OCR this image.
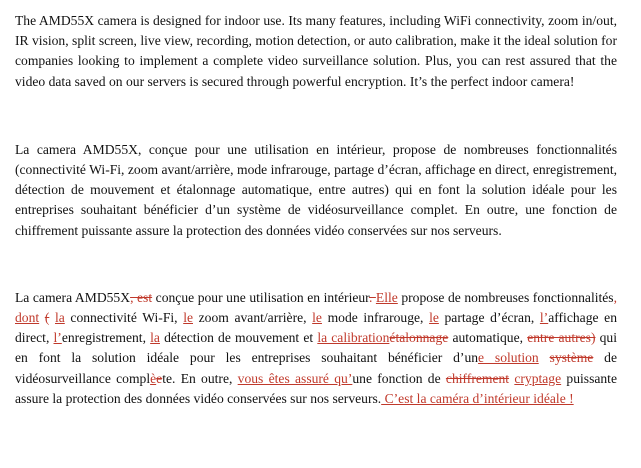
The AMD55X camera is designed for indoor use. Its many features, including WiFi connectivity, zoom in/out, IR vision, split screen, live view, recording, motion detection, or auto calibration, make it the ideal solution for companies looking to implement a complete video surveillance solution. Plus, you can rest assured that the video data saved on our servers is secured through powerful encryption. It’s the perfect indoor camera!

La camera AMD55X, conçue pour une utilisation en intérieur, propose de nombreuses fonctionnalités (connectivité Wi-Fi, zoom avant/arrière, mode infrarouge, partage d’écran, affichage en direct, enregistrement, détection de mouvement et étalonnage automatique, entre autres) qui en font la solution idéale pour les entreprises souhaitant bénéficier d’un système de vidéosurveillance complet. En outre, une fonction de chiffrement puissante assure la protection des données vidéo conservées sur nos serveurs.

La camera AMD55X, est conçue pour une utilisation en intérieur. Elle propose de nombreuses fonctionnalités, dont ( la connectivité Wi-Fi, le zoom avant/arrière, le mode infrarouge, le partage d’écran, l’affichage en direct, l’enregistrement, la détection de mouvement et la calibrationétalonnage automatique, entre autres) qui en font la solution idéale pour les entreprises souhaitant bénéficier d’une solution système de vidéosurveillance complèete. En outre, vous êtes assuré qu’une fonction de chiffrement cryptage puissante assure la protection des données vidéo conservées sur nos serveurs. C’est la caméra d’intérieur idéale !
